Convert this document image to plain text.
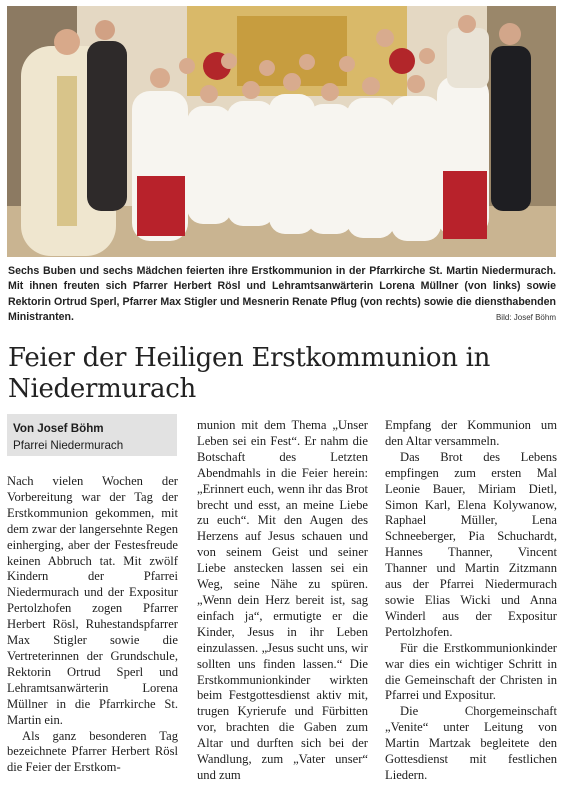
Sechs Buben und sechs Mädchen feierten ihre Erstkommunion in der Pfarrkirche St. Martin Niedermurach. Mit ihnen freuten sich Pfarrer Herbert Rösl und Lehramtsanwärterin Lorena Müllner (von links) sowie Rektorin Ortrud Sperl, Pfarrer Max Stigler und Mesnerin Renate Pflug (von rechts) sowie die diensthabenden Ministranten.	Bild: Josef Böhm
Feier der Heiligen Erstkommunion in Niedermurach
Von Josef Böhm
Pfarrei Niedermurach

Nach vielen Wochen der Vorbereitung war der Tag der Erstkommunion gekommen, mit dem zwar der langersehnte Regen einherging, aber der Festesfreude keinen Abbruch tat. Mit zwölf Kindern der Pfarrei Niedermurach und der Expositur Pertolzhofen zogen Pfarrer Herbert Rösl, Ruhestandspfarrer Max Stigler sowie die Vertreterinnen der Grundschule, Rektorin Ortrud Sperl und Lehramtsanwärterin Lorena Müllner in die Pfarrkirche St. Martin ein.

Als ganz besonderen Tag bezeichnete Pfarrer Herbert Rösl die Feier der Erstkom-

munion mit dem Thema „Unser Leben sei ein Fest“. Er nahm die Botschaft des Letzten Abendmahls in die Feier herein: „Erinnert euch, wenn ihr das Brot brecht und esst, an meine Liebe zu euch“. Mit den Augen des Herzens auf Jesus schauen und von seinem Geist und seiner Liebe anstecken lassen sei ein Weg, seine Nähe zu spüren. „Wenn dein Herz bereit ist, sag einfach ja“, ermutigte er die Kinder, Jesus in ihr Leben einzulassen. „Jesus sucht uns, wir sollten uns finden lassen.“ Die Erstkommunionkinder wirkten beim Festgottesdienst aktiv mit, trugen Kyrierufe und Fürbitten vor, brachten die Gaben zum Altar und durften sich bei der Wandlung, zum „Vater unser“ und zum

Empfang der Kommunion um den Altar versammeln.

Das Brot des Lebens empfingen zum ersten Mal Leonie Bauer, Miriam Dietl, Simon Karl, Elena Kolywanow, Raphael Müller, Lena Schneeberger, Pia Schuchardt, Hannes Thanner, Vincent Thanner und Martin Zitzmann aus der Pfarrei Niedermurach sowie Elias Wicki und Anna Winderl aus der Expositur Pertolzhofen.

Für die Erstkommunionkinder war dies ein wichtiger Schritt in die Gemeinschaft der Christen in Pfarrei und Expositur.

Die Chorgemeinschaft „Venite“ unter Leitung von Martin Martzak begleitete den Gottesdienst mit festlichen Liedern.
